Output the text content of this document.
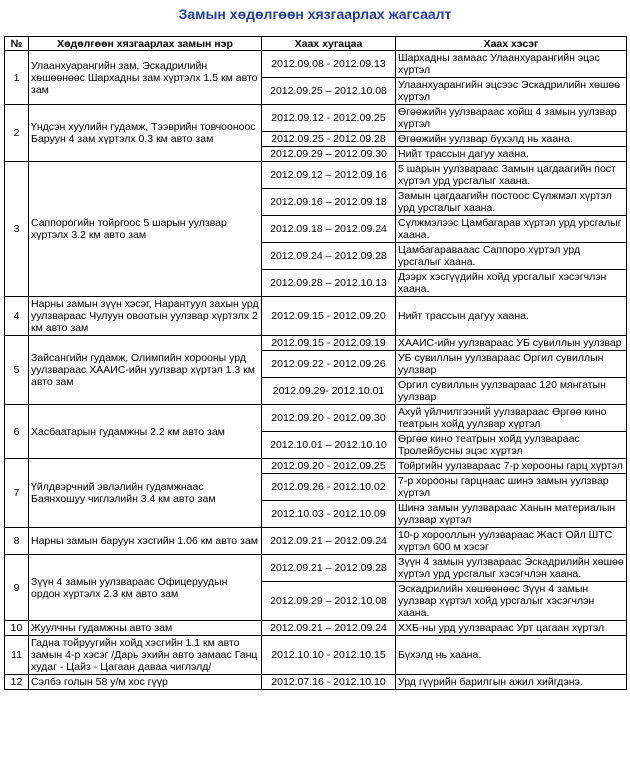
Замын хөдөлгөөн хязгаарлах жагсаалт
№	Хөдөлгөөн хязгаарлах замын нэр	Хаах хугацаа	Хаах хэсэг
1	Улаанхуарангийн зам, Эскадрилийн хөшөөнөөс Шархадны зам хүртэлх 1.5 км авто зам	2012.09.08 - 2012.09.13	Шархадны замаас Улаанхуарангийн эцэс хүртэл
		2012.09.25 – 2012.10.08	Улаанхуарангийн эцсээс Эскадрилийн хөшөө хүртэл
2	Үндсэн хуулийн гудамж, Тээврийн товчооноос Баруун 4 зам хүртэлх 0.3 км авто зам	2012.09.12 - 2012.09.25	Өгөөжийн уулзвараас хойш 4 замын уулзвар хүртэл
		2012.09.25 - 2012.09.28	Өгөөжийн уулзвар бүхэлд нь хаана.
		2012.09.29 – 2012.09.30	Нийт трассын дагуу хаана.
3	Саппорогийн тойргоос 5 шарын уулзвар хүртэлх 3.2 км авто зам	2012.09.12 – 2012.09.16	5 шарын уулзвараас Замын цагдаагийн пост хүртэл урд урсгалыг хаана.
		2012.09.16 – 2012.09.18	Замын цагдаагийн постоос Сүлжмэл хүртэл урд урсгалыг хаана.
		2012.09.18 – 2012.09.24	Сүлжмэлээс Цамбагарав хүртэл урд урсгалыг хаана.
		2012.09.24 – 2012.09.28	Цамбагаравааас Саппоро хүртэл урд урсгалыг хаана.
		2012.09.28 – 2012.10.13	Дээрх хэсгүүдийн хойд урсгалыг хэсэгчлэн хаана.
4	Нарны замын зүүн хэсэг, Нарантуул захын урд уулзвараас Чулуун овоотын уулзвар хүртэлх 2 км авто зам	2012.09.15 - 2012.09.20	Нийт трассын дагуу хаана.
5	Зайсангийн гудамж, Олимпийн хорооны урд уулзвараас ХААИС-ийн уулзвар хүртэл 1.3 км авто зам	2012.09.15 - 2012.09.19	ХААИС-ийн уулзвараас УБ сувиллын уулзвар
		2012.09.22 - 2012.09.26	УБ сувиллын уулзвараас Оргил сувиллын уулзвар
		2012.09.29- 2012.10.01	Оргил сувиллын уулзвараас 120 мянгатын уулзвар
6	Хасбаатарын гудамжны 2.2 км авто зам	2012.09.20 - 2012.09.30	Ахуй үйлчилгээний уулзвараас Өргөө кино театрын хойд уулзвар хүртэл
		2012.10.01 – 2012.10.10	Өргөө кино театрын хойд уулзвараас Тролейбусны эцэс хүртэл
7	Үйлдвэрчний эвлэлийн гудамжнаас Баянхошуу чиглэлийн 3.4 км авто зам	2012.09.20 - 2012.09.25	Тойргийн уулзвараас 7-р хорооны гарц хүртэл
		2012.09.26 - 2012.10.02	7-р хорооны гарцнаас шинэ замын уулзвар хүртэл
		2012.10.03 - 2012.10.09	Шинэ замын уулзвараас Ханын материалын уулзвар хүртэл
8	Нарны замын баруун хэсгийн 1.06 км авто зам	2012.09.21 – 2012.09.24	10-р хорооллын уулзвараас Жаст Ойл ШТС хүртэл 600 м хэсэг
9	Зүүн 4 замын уулзвараас Офицеруудын ордон хүртэлх 2.3 км авто зам	2012.09.21 – 2012.09.28	Зүүн 4 замын уулзвараас Эскадрилийн хөшөө хүртэл урд урсгалыг хэсэгчлэн хаана.
		2012.09.29 – 2012.10.08	Эскадрилийн хөшөөнөөс Зүүн 4 замын уулзвар хүртэл хойд урсгалыг хэсэгчлэн хаана.
10	Жуулчны гудамжны авто зам	2012.09.21 – 2012.09.24	ХХБ-ны урд уулзвараас Урт цагаан хүртэл
11	Гадна тойруугийн хойд хэсгийн 1.1 км авто замын 4-р хэсэг /Дарь эхийн авто замаас Ганц худаг - Цайз - Цагаан даваа чиглэлд/	2012.10.10 - 2012.10.15	Бүхэлд нь хаана.
12	Сэлбэ голын 58 у/м хос гүүр	2012.07.16 - 2012.10.10	Урд гүүрийн барилгын ажил хийгдэнэ.
